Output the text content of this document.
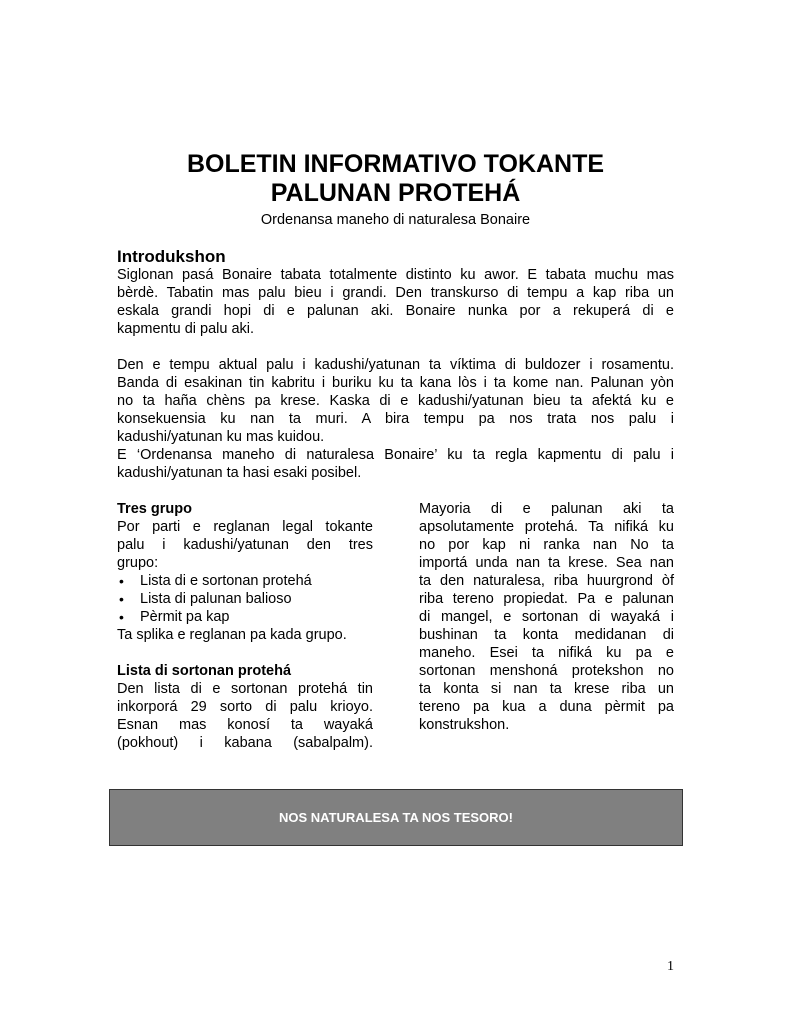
BOLETIN INFORMATIVO TOKANTE
PALUNAN PROTEHÁ
Ordenansa maneho di naturalesa Bonaire
Introdukshon
Siglonan pasá Bonaire tabata totalmente distinto ku awor. E tabata muchu mas
bèrdè. Tabatin mas palu bieu i grandi. Den transkurso di tempu a kap riba un
eskala grandi hopi di e palunan aki. Bonaire nunka por a rekuperá di e
kapmentu di palu aki.
Den e tempu aktual palu i kadushi/yatunan ta víktima di buldozer i rosamentu.
Banda di esakinan tin kabritu i buriku ku ta kana lòs i ta kome nan. Palunan yòn
no ta haña chèns pa krese. Kaska di e kadushi/yatunan bieu ta afektá ku e
konsekuensia ku nan ta muri. A bira tempu pa nos trata nos palu i
kadushi/yatunan ku mas kuidou.
E ‘Ordenansa maneho di naturalesa Bonaire’ ku ta regla kapmentu di palu i
kadushi/yatunan ta hasi esaki posibel.
Tres grupo
Por parti e reglanan legal tokante
palu i kadushi/yatunan den tres
grupo:
• Lista di e sortonan protehá
• Lista di palunan balioso
• Pèrmit pa kap
Ta splika e reglanan pa kada grupo.
Lista di sortonan protehá
Den lista di e sortonan protehá tin
inkorporá 29 sorto di palu krioyo.
Esnan mas konosí ta wayaká
(pokhout) i kabana (sabalpalm).
Mayoria di e palunan aki ta
apsolutamente protehá. Ta nifiká ku
no por kap ni ranka nan No ta
importá unda nan ta krese. Sea nan
ta den naturalesa, riba huurgrond òf
riba tereno propiedat. Pa e palunan
di mangel, e sortonan di wayaká i
bushinan ta konta medidanan di
maneho. Esei ta nifiká ku pa e
sortonan menshoná protekshon no
ta konta si nan ta krese riba un
tereno pa kua a duna pèrmit pa
konstrukshon.
NOS NATURALESA TA NOS TESORO!
1
